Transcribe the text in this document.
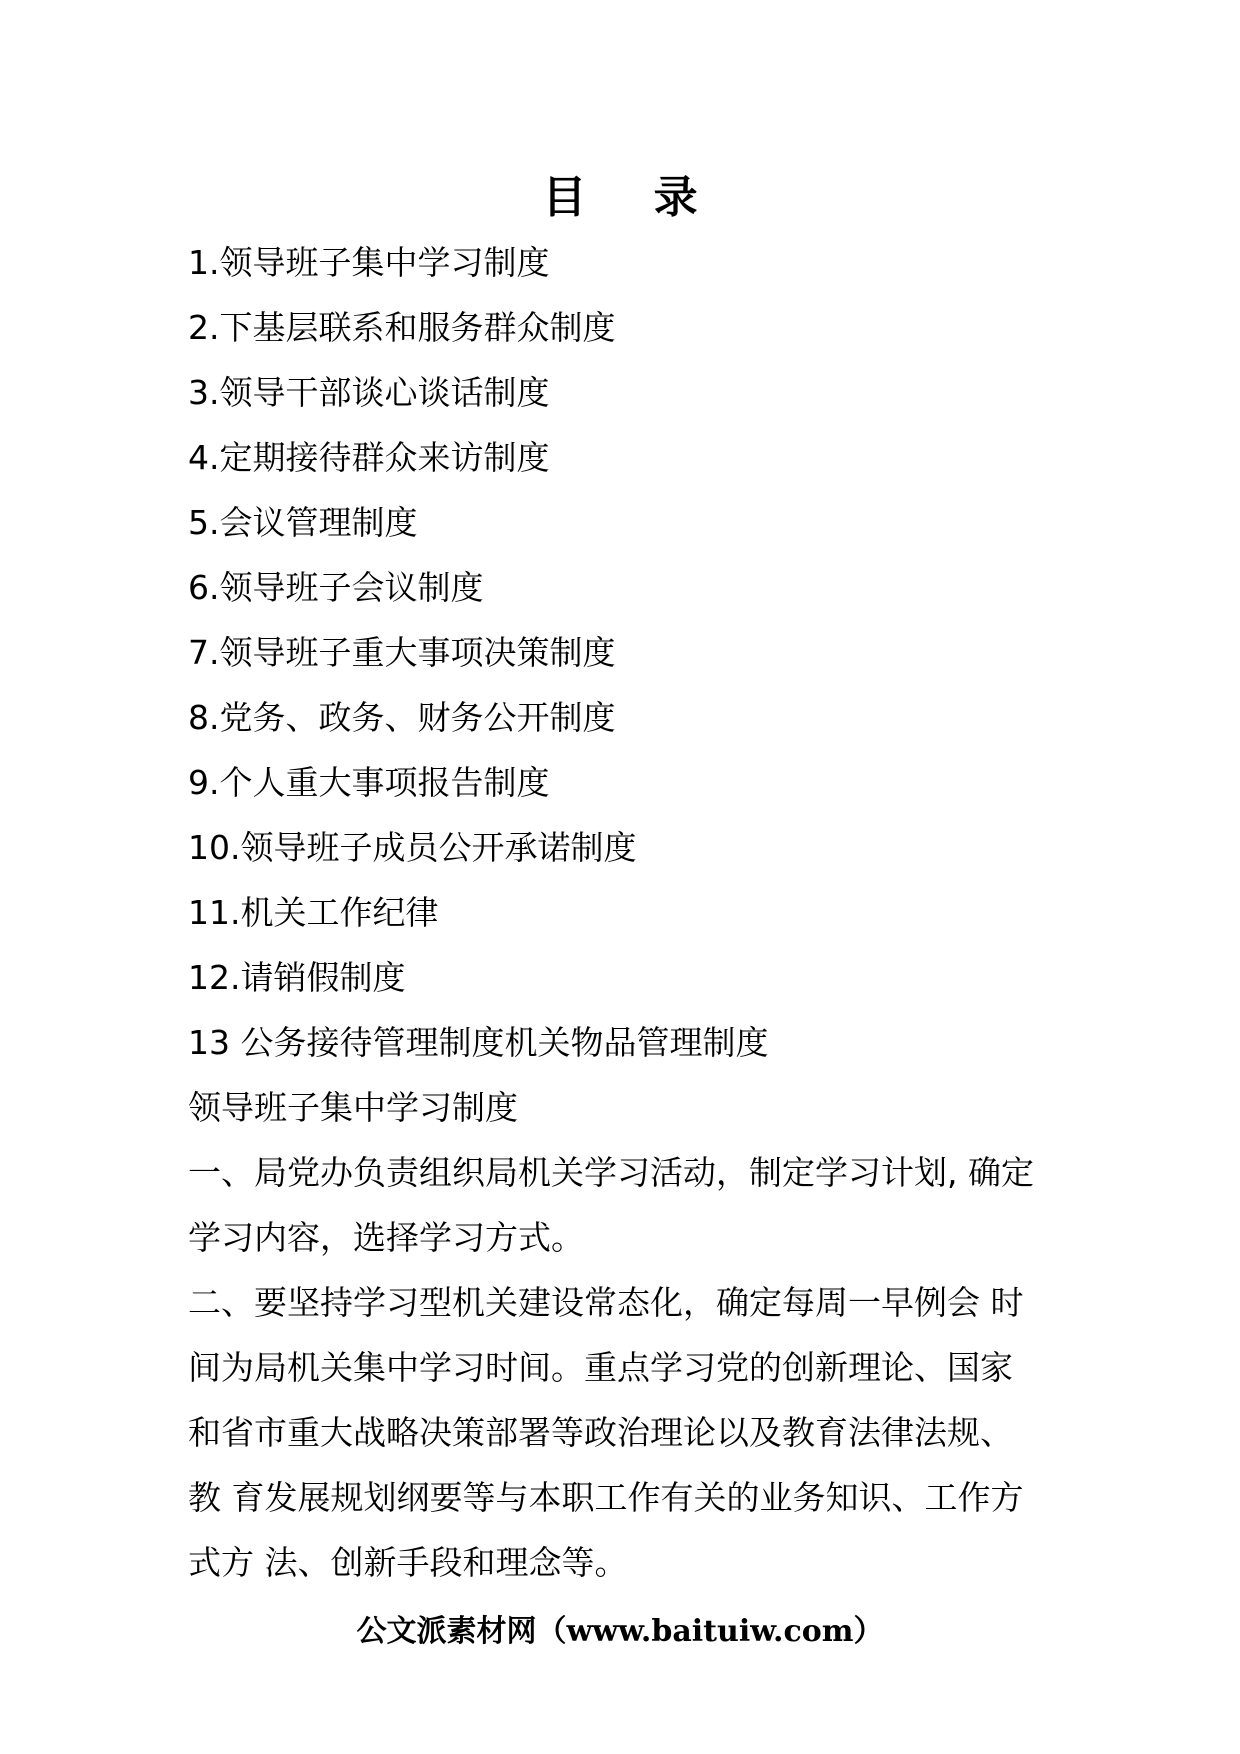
目 录
1.领导班子集中学习制度
2.下基层联系和服务群众制度
3.领导干部谈心谈话制度
4.定期接待群众来访制度
5.会议管理制度
6.领导班子会议制度
7.领导班子重大事项决策制度
8.党务、政务、财务公开制度
9.个人重大事项报告制度
10.领导班子成员公开承诺制度
11.机关工作纪律
12.请销假制度
13 公务接待管理制度机关物品管理制度
领导班子集中学习制度
一、局党办负责组织局机关学习活动，制定学习计划, 确定
学习内容，选择学习方式。
二、要坚持学习型机关建设常态化，确定每周一早例会 时
间为局机关集中学习时间。重点学习党的创新理论、国家
和省市重大战略决策部署等政治理论以及教育法律法规、
教 育发展规划纲要等与本职工作有关的业务知识、工作方
式方 法、创新手段和理念等。
公文派素材网（www.baituiw.com）
